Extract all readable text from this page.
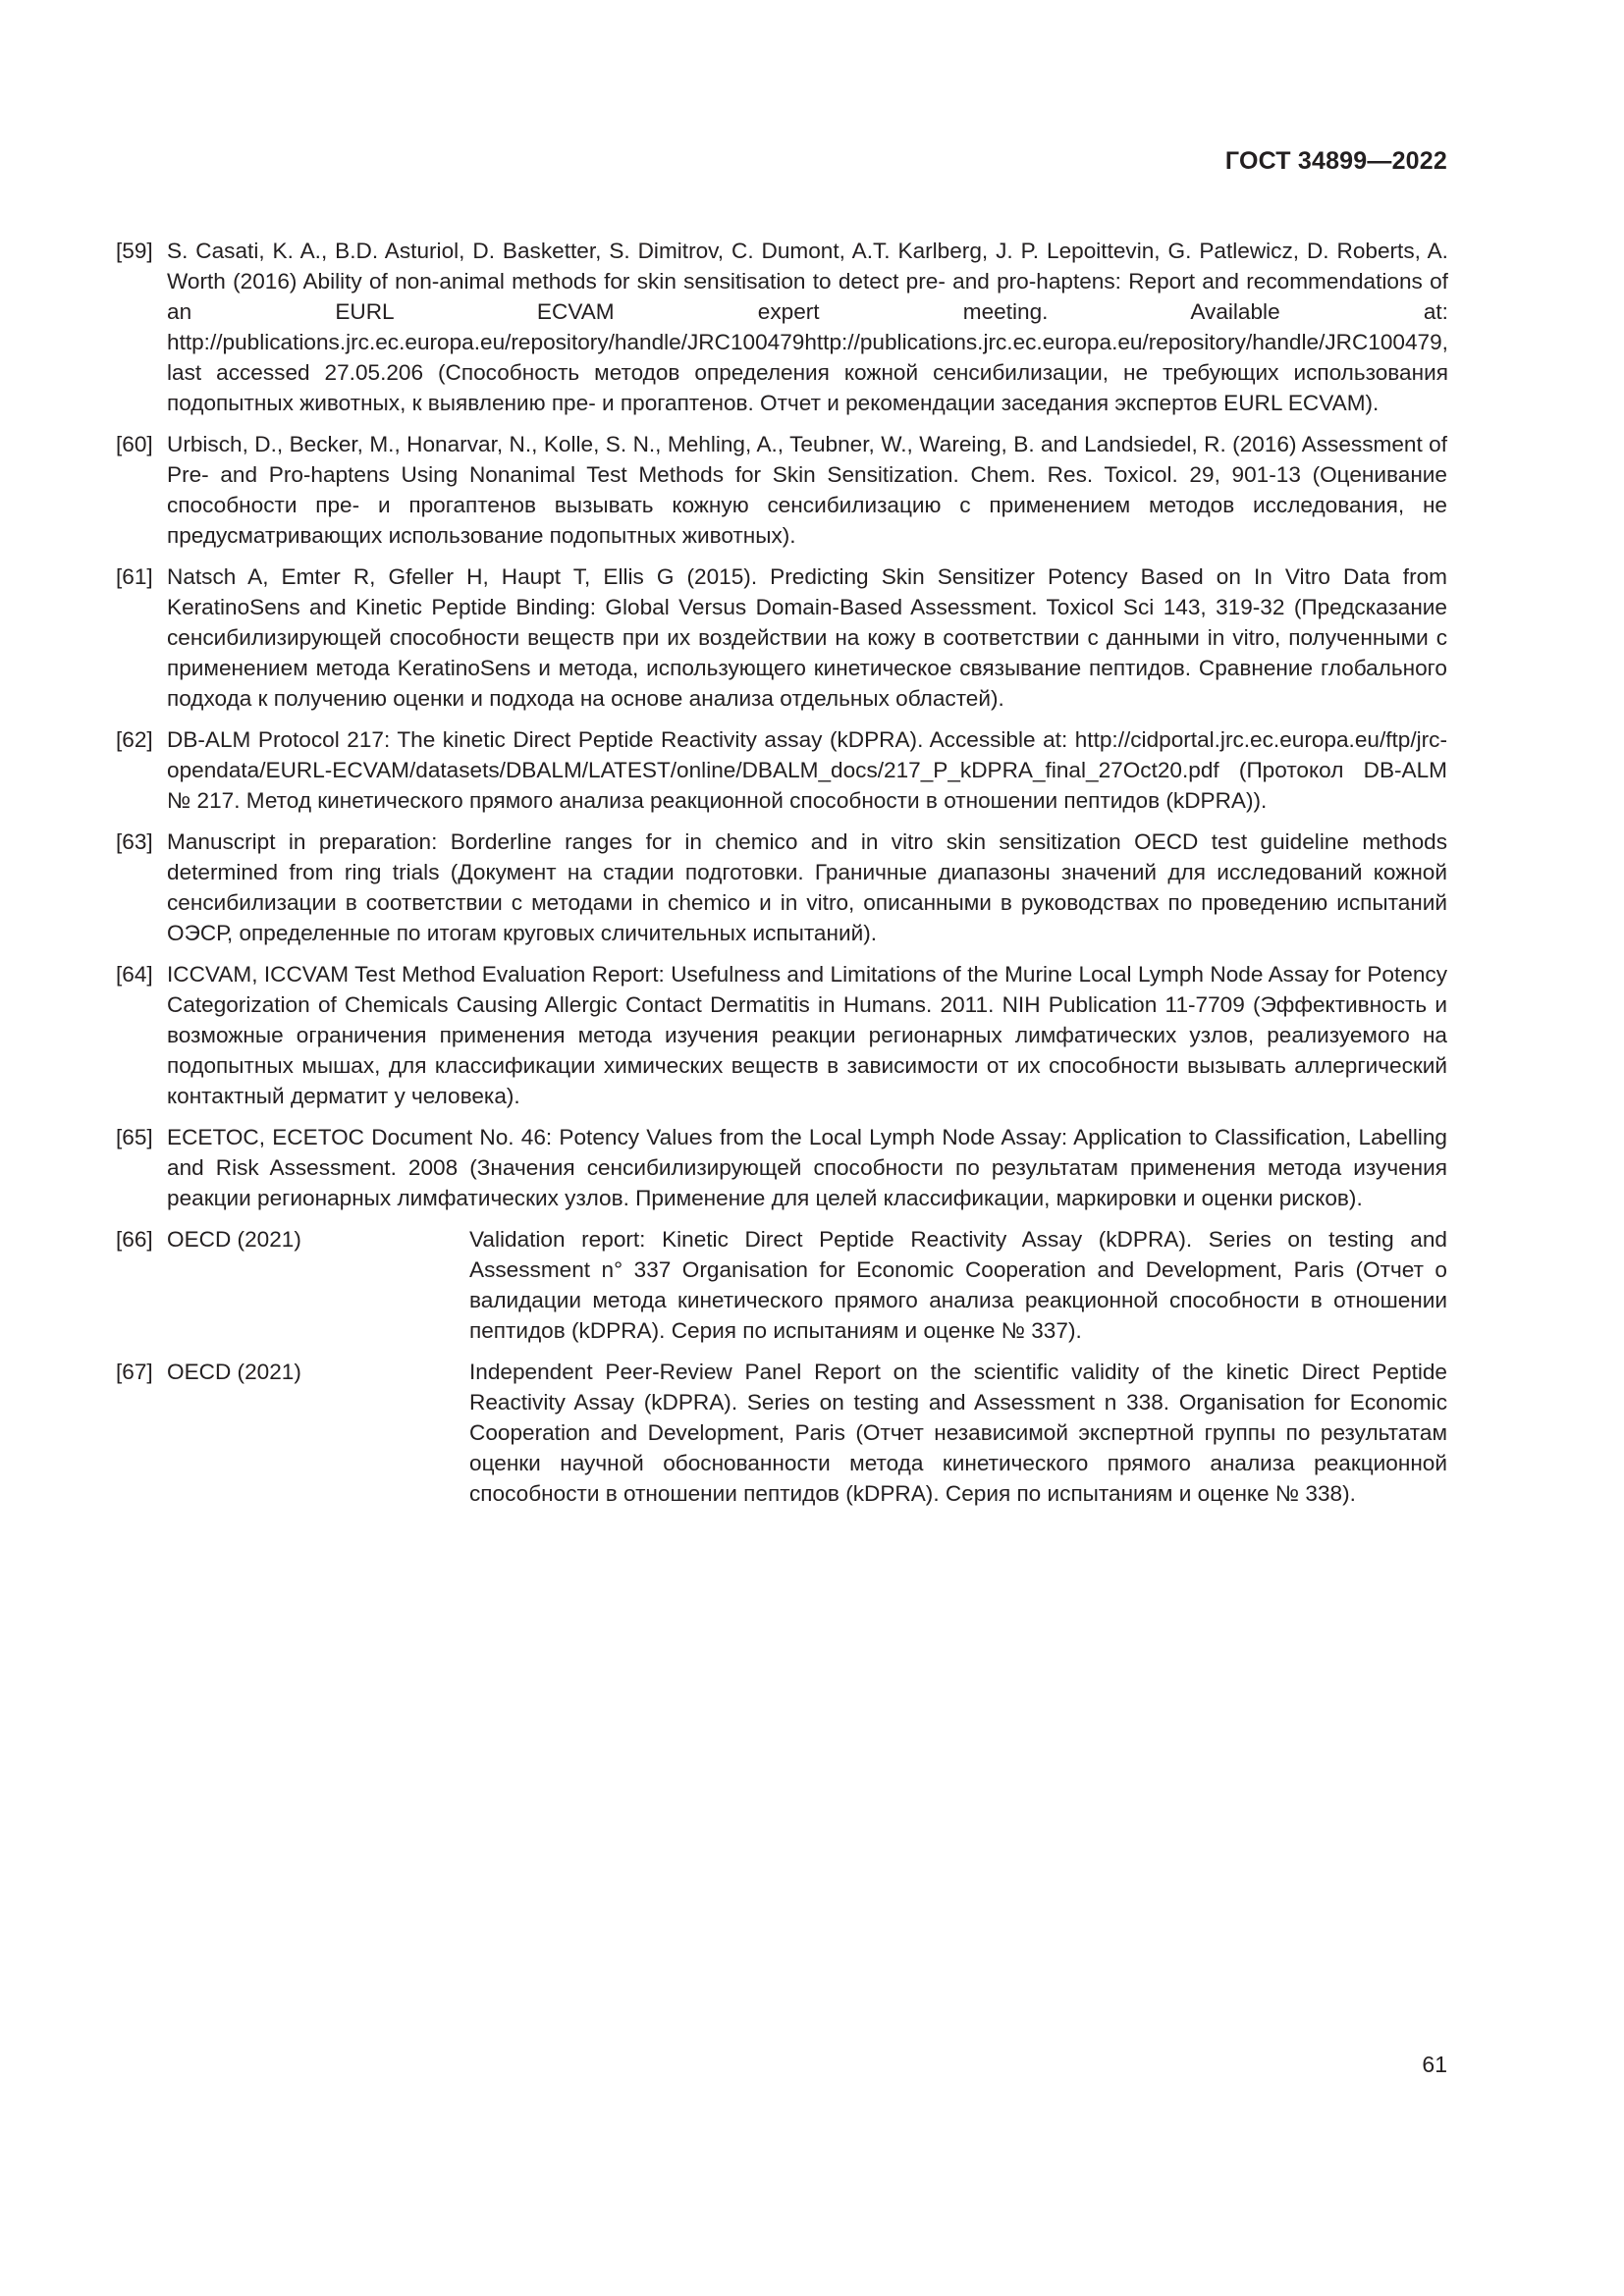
ГОСТ 34899—2022
[59] S. Casati, K. A., B.D. Asturiol, D. Basketter, S. Dimitrov, C. Dumont, A.T. Karlberg, J. P. Lepoittevin, G. Patlewicz, D. Roberts, A. Worth (2016) Ability of non-animal methods for skin sensitisation to detect pre- and pro-haptens: Report and recommendations of an EURL ECVAM expert meeting. Available at: http://publications.jrc.ec.europa.eu/repository/handle/JRC100479http://publications.jrc.ec.europa.eu/repository/handle/JRC100479, last accessed 27.05.206 (Способность методов определения кожной сенсибилизации, не требующих использования подопытных животных, к выявлению пре- и прогаптенов. Отчет и рекомендации заседания экспертов EURL ECVAM).
[60] Urbisch, D., Becker, M., Honarvar, N., Kolle, S. N., Mehling, A., Teubner, W., Wareing, B. and Landsiedel, R. (2016) Assessment of Pre- and Pro-haptens Using Nonanimal Test Methods for Skin Sensitization. Chem. Res. Toxicol. 29, 901-13 (Оценивание способности пре- и прогаптенов вызывать кожную сенсибилизацию с применением методов исследования, не предусматривающих использование подопытных животных).
[61] Natsch A, Emter R, Gfeller H, Haupt T, Ellis G (2015). Predicting Skin Sensitizer Potency Based on In Vitro Data from KeratinoSens and Kinetic Peptide Binding: Global Versus Domain-Based Assessment. Toxicol Sci 143, 319-32 (Предсказание сенсибилизирующей способности веществ при их воздействии на кожу в соответствии с данными in vitro, полученными с применением метода KeratinoSens и метода, использующего кинетическое связывание пептидов. Сравнение глобального подхода к получению оценки и подхода на основе анализа отдельных областей).
[62] DB-ALM Protocol 217: The kinetic Direct Peptide Reactivity assay (kDPRA). Accessible at: http://cidportal.jrc.ec.europa.eu/ftp/jrc-opendata/EURL-ECVAM/datasets/DBALM/LATEST/online/DBALM_docs/217_P_kDPRA_final_27Oct20.pdf (Протокол DB-ALM № 217. Метод кинетического прямого анализа реакционной способности в отношении пептидов (kDPRA)).
[63] Manuscript in preparation: Borderline ranges for in chemico and in vitro skin sensitization OECD test guideline methods determined from ring trials (Документ на стадии подготовки. Граничные диапазоны значений для исследований кожной сенсибилизации в соответствии с методами in chemico и in vitro, описанными в руководствах по проведению испытаний ОЭСР, определенные по итогам круговых сличительных испытаний).
[64] ICCVAM, ICCVAM Test Method Evaluation Report: Usefulness and Limitations of the Murine Local Lymph Node Assay for Potency Categorization of Chemicals Causing Allergic Contact Dermatitis in Humans. 2011. NIH Publication 11-7709 (Эффективность и возможные ограничения применения метода изучения реакции регионарных лимфатических узлов, реализуемого на подопытных мышах, для классификации химических веществ в зависимости от их способности вызывать аллергический контактный дерматит у человека).
[65] ECETOC, ECETOC Document No. 46: Potency Values from the Local Lymph Node Assay: Application to Classification, Labelling and Risk Assessment. 2008 (Значения сенсибилизирующей способности по результатам применения метода изучения реакции регионарных лимфатических узлов. Применение для целей классификации, маркировки и оценки рисков).
[66] OECD (2021)	Validation report: Kinetic Direct Peptide Reactivity Assay (kDPRA). Series on testing and Assessment n° 337 Organisation for Economic Cooperation and Development, Paris (Отчет о валидации метода кинетического прямого анализа реакционной способности в отношении пептидов (kDPRA). Серия по испытаниям и оценке № 337).
[67] OECD (2021)	Independent Peer-Review Panel Report on the scientific validity of the kinetic Direct Peptide Reactivity Assay (kDPRA). Series on testing and Assessment n 338. Organisation for Economic Cooperation and Development, Paris (Отчет независимой экспертной группы по результатам оценки научной обоснованности метода кинетического прямого анализа реакционной способности в отношении пептидов (kDPRA). Серия по испытаниям и оценке № 338).
61
